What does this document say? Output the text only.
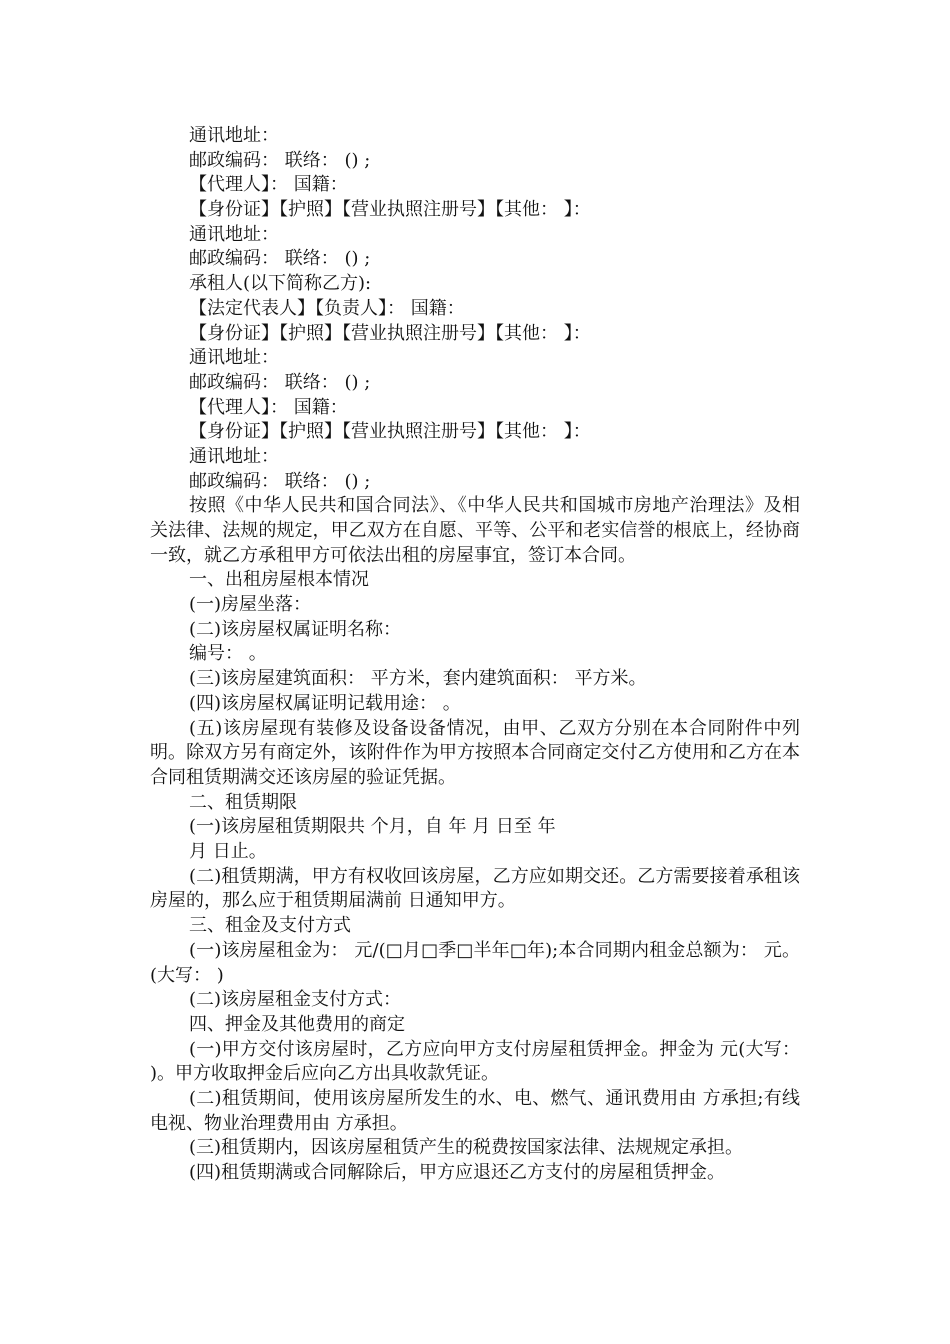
通讯地址：
邮政编码： 联络： () ;
【代理人】： 国籍：
【身份证】【护照】【营业执照注册号】【其他： 】：
通讯地址：
邮政编码： 联络： () ;
承租人(以下简称乙方):
【法定代表人】【负责人】： 国籍：
【身份证】【护照】【营业执照注册号】【其他： 】：
通讯地址：
邮政编码： 联络： () ;
【代理人】： 国籍：
【身份证】【护照】【营业执照注册号】【其他： 】：
通讯地址：
邮政编码： 联络： () ;

按照《中华人民共和国合同法》、《中华人民共和国城市房地产治理法》及相关法律、法规的规定，甲乙双方在自愿、平等、公平和老实信誉的根底上，经协商一致，就乙方承租甲方可依法出租的房屋事宜，签订本合同。

一、出租房屋根本情况
(一)房屋坐落：
(二)该房屋权属证明名称：
编号： 。
(三)该房屋建筑面积： 平方米，套内建筑面积： 平方米。
(四)该房屋权属证明记载用途： 。

(五)该房屋现有装修及设备设备情况，由甲、乙双方分别在本合同附件中列明。除双方另有商定外，该附件作为甲方按照本合同商定交付乙方使用和乙方在本合同租赁期满交还该房屋的验证凭据。

二、租赁期限
(一)该房屋租赁期限共 个月，自 年 月 日至 年
月 日止。

(二)租赁期满，甲方有权收回该房屋，乙方应如期交还。乙方需要接着承租该房屋的，那么应于租赁期届满前 日通知甲方。

三、租金及支付方式

(一)该房屋租金为： 元/(□月□季□半年□年);本合同期内租金总额为： 元。(大写： )

(二)该房屋租金支付方式：
四、押金及其他费用的商定

(一)甲方交付该房屋时，乙方应向甲方支付房屋租赁押金。押金为 元(大写： )。甲方收取押金后应向乙方出具收款凭证。

(二)租赁期间，使用该房屋所发生的水、电、燃气、通讯费用由 方承担;有线电视、物业治理费用由 方承担。

(三)租赁期内，因该房屋租赁产生的税费按国家法律、法规规定承担。
(四)租赁期满或合同解除后，甲方应退还乙方支付的房屋租赁押金。
